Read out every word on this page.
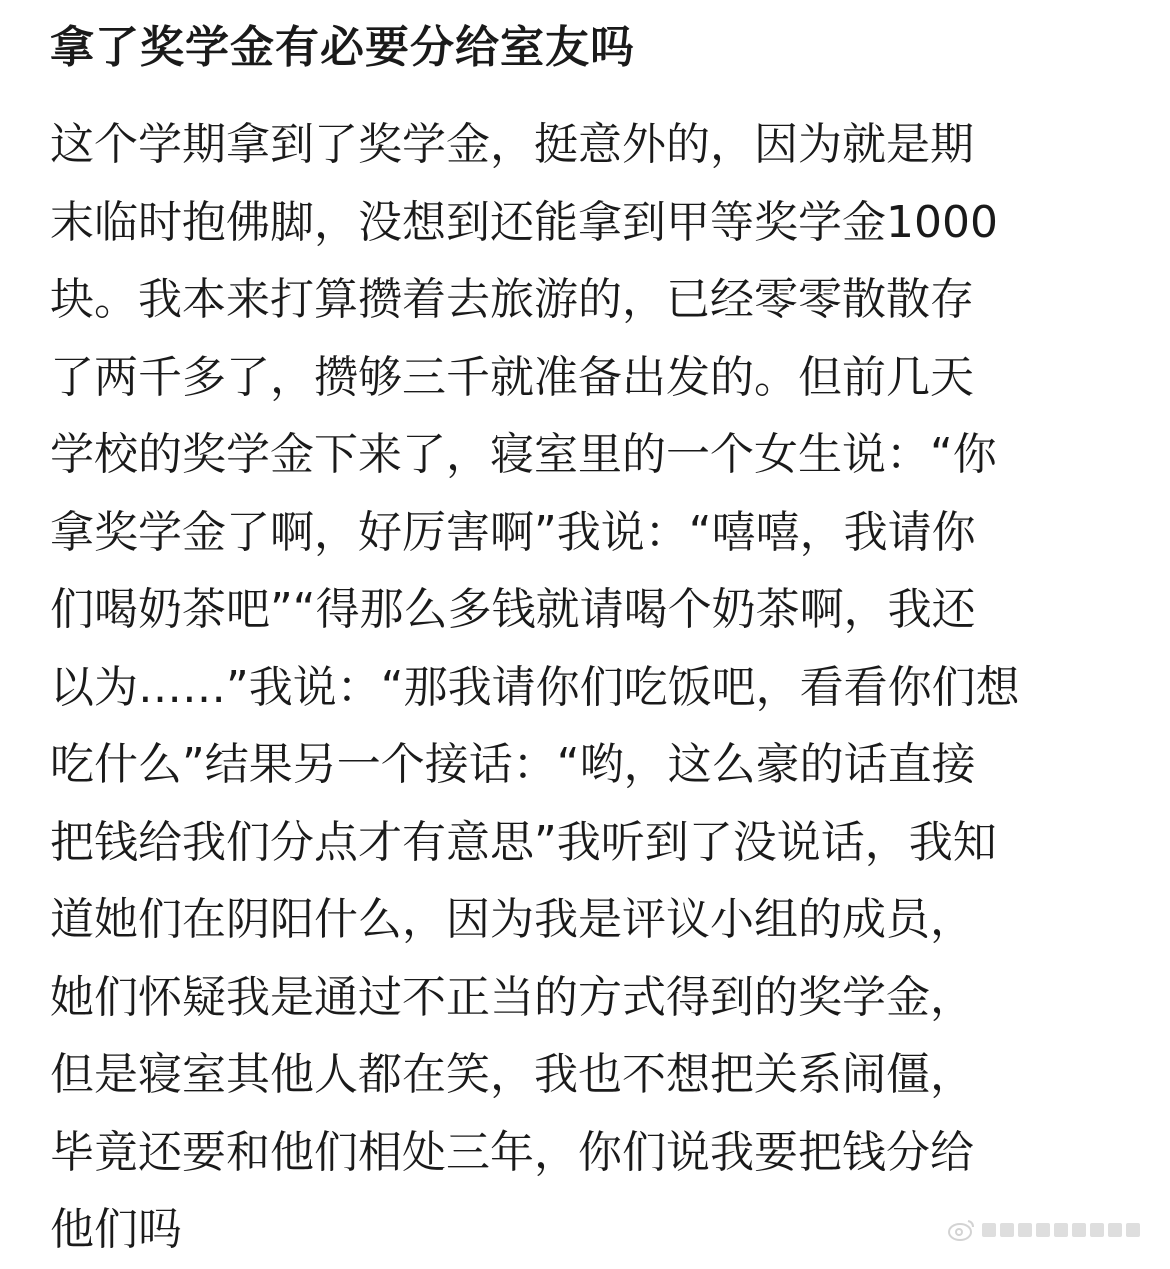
拿了奖学金有必要分给室友吗
这个学期拿到了奖学金，挺意外的，因为就是期
末临时抱佛脚，没想到还能拿到甲等奖学金1000
块。我本来打算攒着去旅游的，已经零零散散存
了两千多了，攒够三千就准备出发的。但前几天
学校的奖学金下来了，寝室里的一个女生说：“你
拿奖学金了啊，好厉害啊”我说：“嘻嘻，我请你
们喝奶茶吧”“得那么多钱就请喝个奶茶啊，我还
以为……”我说：“那我请你们吃饭吧，看看你们想
吃什么”结果另一个接话：“哟，这么豪的话直接
把钱给我们分点才有意思”我听到了没说话，我知
道她们在阴阳什么，因为我是评议小组的成员，
她们怀疑我是通过不正当的方式得到的奖学金，
但是寝室其他人都在笑，我也不想把关系闹僵，
毕竟还要和他们相处三年，你们说我要把钱分给
他们吗
